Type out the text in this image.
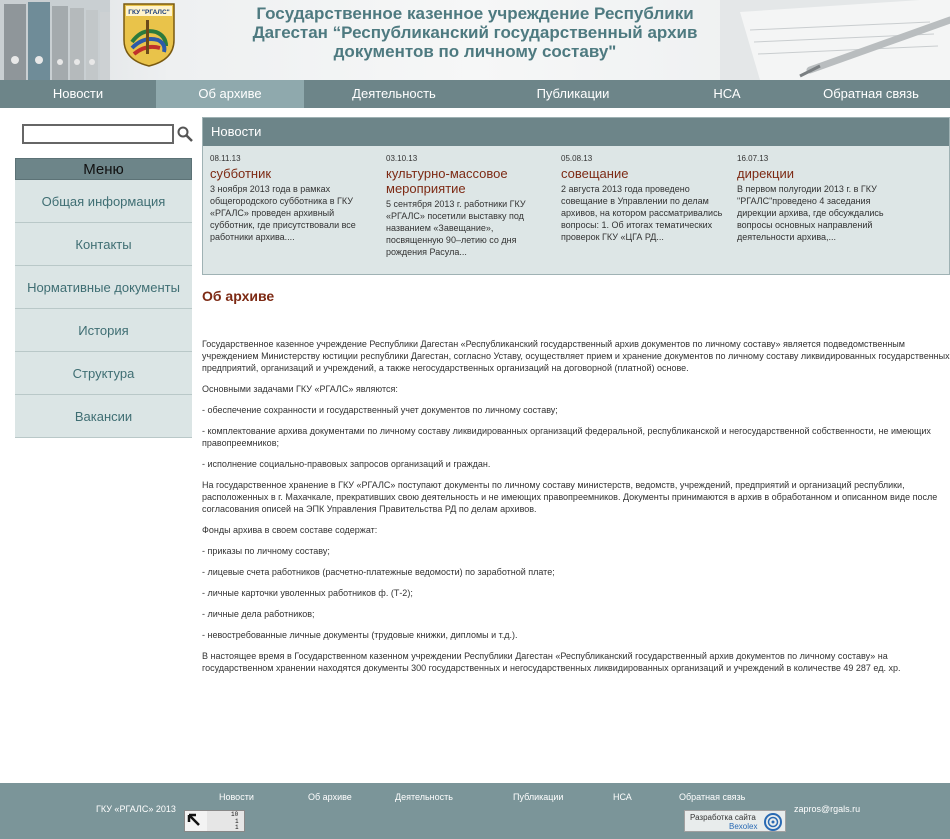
ГКУ "РГАЛС"	Государственное казенное учреждение Республики Дагестан “Республиканский государственный архив документов по личному составу"
Новости	Об архиве	Деятельность	Публикации	НСА	Обратная связь
Меню
Общая информация
Контакты
Нормативные документы
История
Структура
Вакансии
Новости
08.11.13
субботник
3 ноября 2013 года в рамках общегородского субботника в ГКУ «РГАЛС» проведен архивный субботник, где присутствовали все работники архива....
03.10.13
культурно-массовое мероприятие
5 сентября 2013 г. работники ГКУ «РГАЛС» посетили выставку под названием «Завещание», посвященную 90–летию со дня рождения Расула...
05.08.13
совещание
2 августа 2013 года проведено совещание в Управлении по делам архивов, на котором рассматривались вопросы: 1. Об итогах тематических проверок ГКУ «ЦГА РД...
16.07.13
дирекции
В первом полугодии 2013 г. в ГКУ "РГАЛС"проведено 4 заседания дирекции архива, где обсуждались вопросы основных направлений деятельности архива,...
Об архиве

Государственное казенное учреждение Республики Дагестан «Республиканский государственный архив документов по личному составу» является подведомственным учреждением Министерству юстиции республики Дагестан, согласно Уставу, осуществляет прием и хранение документов по личному составу ликвидированных государственных предприятий, организаций и учреждений, а также негосударственных организаций на договорной (платной) основе.

Основными задачами ГКУ «РГАЛС» являются:

- обеспечение сохранности и государственный учет документов по личному составу;

- комплектование архива документами по личному составу ликвидированных организаций федеральной, республиканской и негосударственной собственности, не имеющих правопреемников;

- исполнение социально-правовых запросов организаций и граждан.

На государственное хранение в ГКУ «РГАЛС» поступают документы по личному составу министерств, ведомств, учреждений, предприятий и организаций республики, расположенных в г. Махачкале, прекративших свою деятельность и не имеющих правопреемников. Документы принимаются в архив в обработанном и описанном виде после согласования описей на ЭПК Управления Правительства РД по делам архивов.

Фонды архива в своем составе содержат:

- приказы по личному составу;

- лицевые счета работников (расчетно-платежные ведомости) по заработной плате;

- личные карточки уволенных работников ф. (Т-2);

- личные дела работников;

- невостребованные личные документы (трудовые книжки, дипломы и т.д.).

В настоящее время в Государственном казенном учреждении Республики Дагестан «Республиканский государственный архив документов по личному составу» на государственном хранении находятся документы 300 государственных и негосударственных ликвидированных организаций и учреждений в количестве 49 287 ед. хр.

ГКУ «РГАЛС» 2013
Новости	Об архиве	Деятельность	Публикации	НСА	Обратная связь
zapros@rgals.ru
10
1
1
Разработка сайта
Bexolex
